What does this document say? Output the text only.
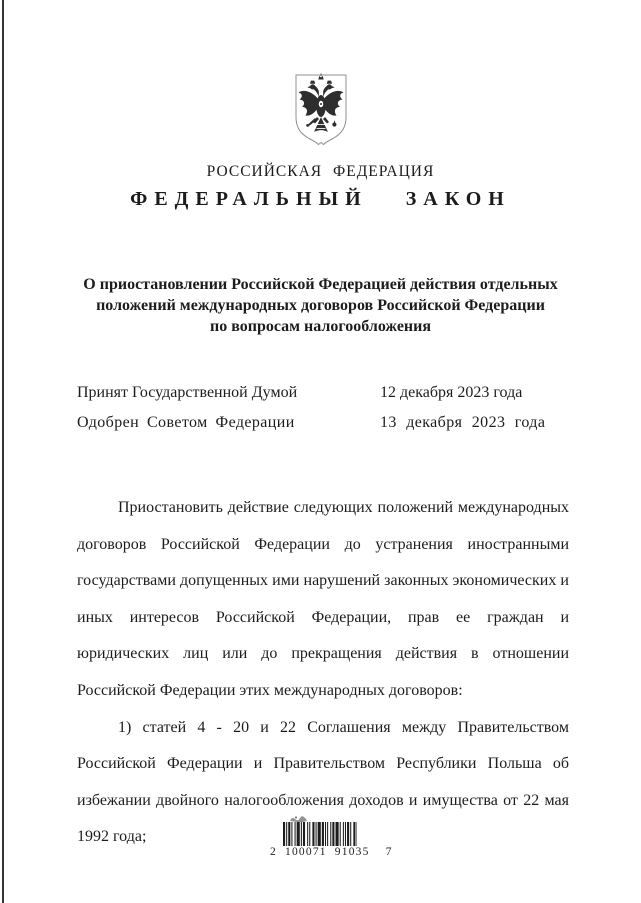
РОССИЙСКАЯ ФЕДЕРАЦИЯ
ФЕДЕРАЛЬНЫЙ ЗАКОН
О приостановлении Российской Федерацией действия отдельных
положений международных договоров Российской Федерации
по вопросам налогообложения
Принят Государственной Думой	12 декабря 2023 года
Одобрен Советом Федерации	13 декабря 2023 года

Приостановить действие следующих положений международных договоров Российской Федерации до устранения иностранными государствами допущенных ими нарушений законных экономических и иных интересов Российской Федерации, прав ее граждан и юридических лиц или до прекращения действия в отношении Российской Федерации этих международных договоров:

1) статей 4 - 20 и 22 Соглашения между Правительством Российской Федерации и Правительством Республики Польша об избежании двойного налогообложения доходов и имущества от 22 мая 1992 года;

2 100071 91035  7
